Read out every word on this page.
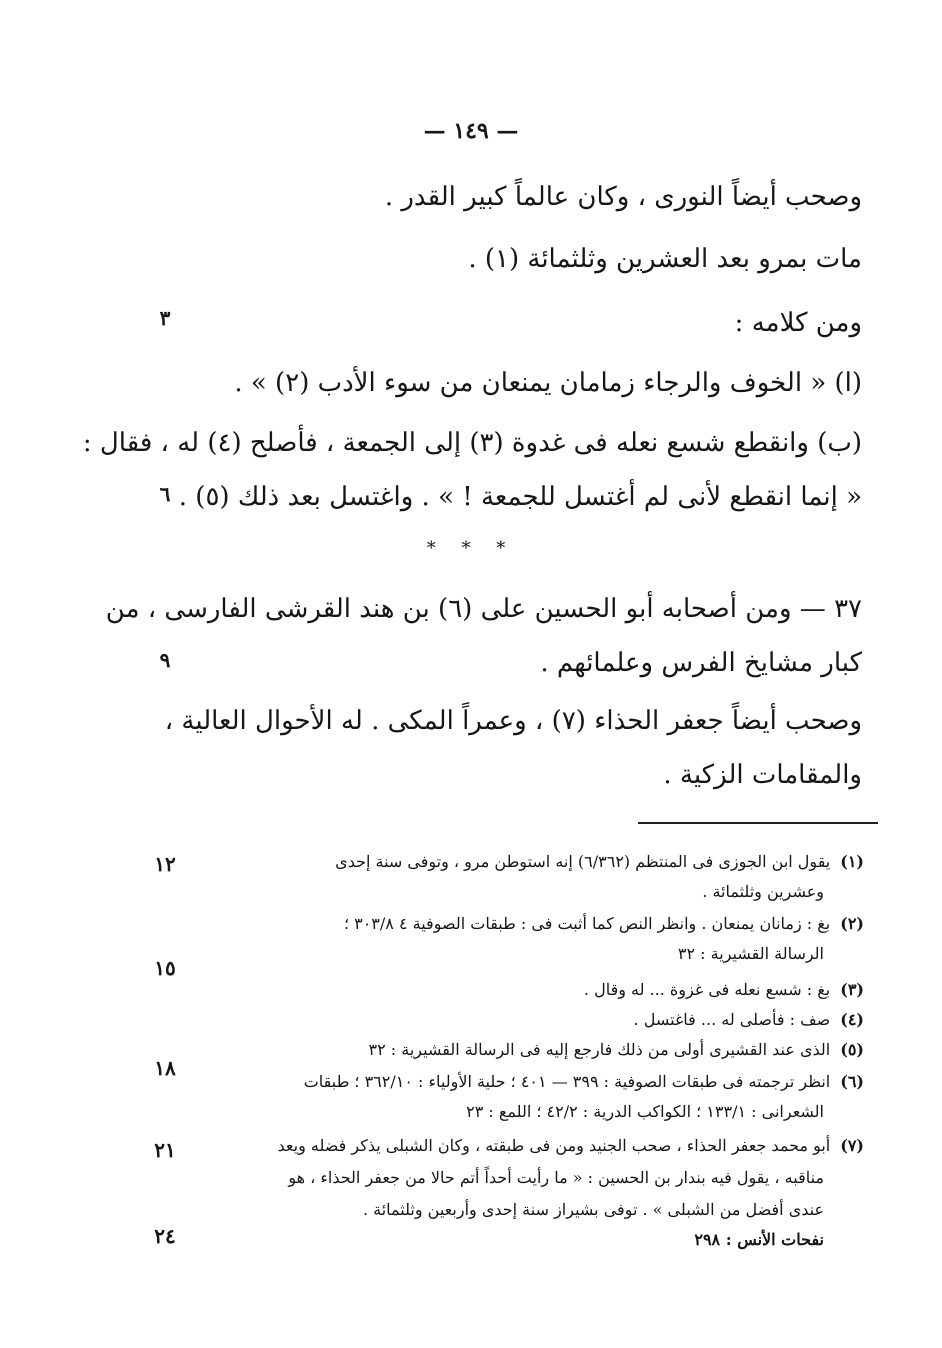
— ١٤٩ —
وصحب أيضاً النورى ، وكان عالماً كبير القدر .
مات بمرو بعد العشرين وثلثمائة (١) .
ومن كلامه :
(ا) « الخوف والرجاء زمامان يمنعان من سوء الأدب (٢) » .
(ب) وانقطع شسع نعله فى غدوة (٣) إلى الجمعة ، فأصلح (٤) له ، فقال :
« إنما انقطع لأنى لم أغتسل للجمعة ! » . واغتسل بعد ذلك (٥) .
* * *
٣٧ — ومن أصحابه أبو الحسين على (٦) بن هند القرشى الفارسى ، من
كبار مشايخ الفرس وعلمائهم .
وصحب أيضاً جعفر الحذاء (٧) ، وعمراً المكى . له الأحوال العالية ،
والمقامات الزكية .
٣
٦
٩
١٢
١٥
١٨
٢١
٢٤
(١)يقول ابن الجوزى فى المنتظم (٦/٣٦٢) إنه استوطن مرو ، وتوفى سنة إحدى
وعشرين وثلثمائة .
(٢)بغ : زمانان يمنعان . وانظر النص كما أثبت فى : طبقات الصوفية ٤ ٣٠٣/٨ ؛
الرسالة القشيرية : ٣٢
(٣)بغ : شسع نعله فى غزوة ... له وقال .
(٤)صف : فأصلى له ... فاغتسل .
(٥)الذى عند القشيرى أولى من ذلك فارجع إليه فى الرسالة القشيرية : ٣٢
(٦)انظر ترجمته فى طبقات الصوفية : ٣٩٩ — ٤٠١ ؛ حلية الأولياء : ٣٦٢/١٠ ؛ طبقات
الشعرانى : ١٣٣/١ ؛ الكواكب الدرية : ٤٢/٢ ؛ اللمع : ٢٣
(٧)أبو محمد جعفر الحذاء ، صحب الجنيد ومن فى طبقته ، وكان الشبلى يذكر فضله ويعد
مناقبه ، يقول فيه بندار بن الحسين : « ما رأيت أحداً أتم حالا من جعفر الحذاء ، هو
عندى أفضل من الشبلى » . توفى بشيراز سنة إحدى وأربعين وثلثمائة .
نفحات الأنس : ٢٩٨
